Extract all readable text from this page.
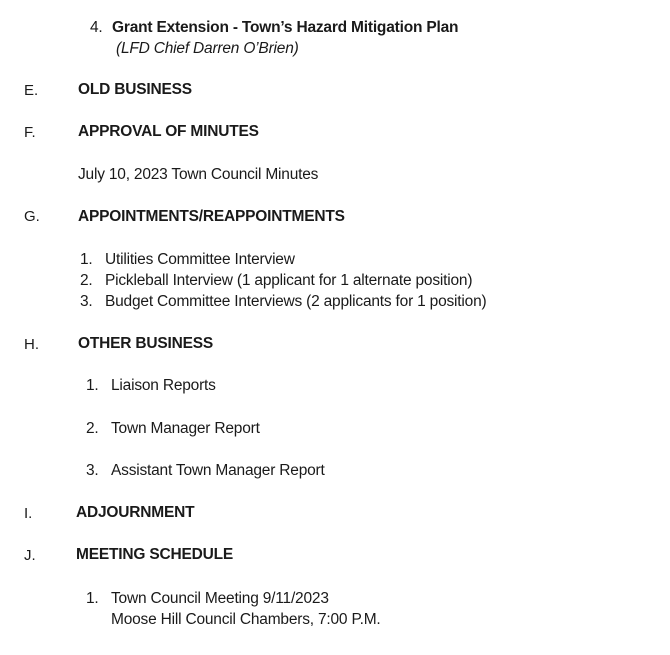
4. Grant Extension - Town’s Hazard Mitigation Plan
(LFD Chief Darren O’Brien)
E.	OLD BUSINESS
F.	APPROVAL OF MINUTES
July 10, 2023 Town Council Minutes
G. APPOINTMENTS/REAPPOINTMENTS
1. Utilities Committee Interview
2. Pickleball Interview (1 applicant for 1 alternate position)
3. Budget Committee Interviews (2 applicants for 1 position)
H.	OTHER BUSINESS
1. Liaison Reports
2. Town Manager Report
3. Assistant Town Manager Report
I.	ADJOURNMENT
J.	MEETING SCHEDULE
1. Town Council Meeting 9/11/2023
Moose Hill Council Chambers, 7:00 P.M.
